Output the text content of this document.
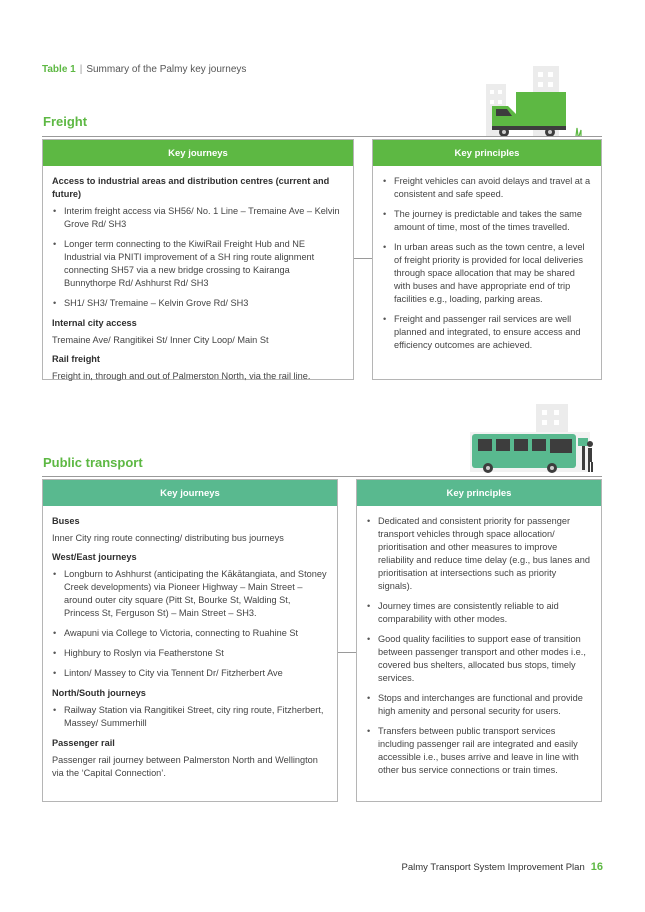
Table 1 | Summary of the Palmy key journeys
Freight
Key journeys
Access to industrial areas and distribution centres (current and future)
• Interim freight access via SH56/ No. 1 Line – Tremaine Ave – Kelvin Grove Rd/ SH3
• Longer term connecting to the KiwiRail Freight Hub and NE Industrial via PNITI improvement of a SH ring route alignment connecting SH57 via a new bridge crossing to Kairanga Bunnythorpe Rd/ Ashhurst Rd/ SH3
• SH1/ SH3/ Tremaine – Kelvin Grove Rd/ SH3
Internal city access

Tremaine Ave/ Rangitikei St/ Inner City Loop/ Main St

Rail freight

Freight in, through and out of Palmerston North, via the rail line.

Key principles
• Freight vehicles can avoid delays and travel at a consistent and safe speed.
• The journey is predictable and takes the same amount of time, most of the times travelled.
• In urban areas such as the town centre, a level of freight priority is provided for local deliveries through space allocation that may be shared with buses and have appropriate end of trip facilities e.g., loading, parking areas.
• Freight and passenger rail services are well planned and integrated, to ensure access and efficiency outcomes are achieved.
Public transport
Key journeys
Buses

Inner City ring route connecting/ distributing bus journeys

West/East journeys
• Longburn to Ashhurst (anticipating the Kākātangiata, and Stoney Creek developments) via Pioneer Highway – Main Street – around outer city square (Pitt St, Bourke St, Walding St, Princess St, Ferguson St) – Main Street – SH3.
• Awapuni via College to Victoria, connecting to Ruahine St
• Highbury to Roslyn via Featherstone St
• Linton/ Massey to City via Tennent Dr/ Fitzherbert Ave
North/South journeys
• Railway Station via Rangitikei Street, city ring route, Fitzherbert, Massey/ Summerhill
Passenger rail

Passenger rail journey between Palmerston North and Wellington via the ‘Capital Connection’.

Key principles
• Dedicated and consistent priority for passenger transport vehicles through space allocation/ prioritisation and other measures to improve reliability and reduce time delay (e.g., bus lanes and prioritisation at intersections such as priority signals).
• Journey times are consistently reliable to aid comparability with other modes.
• Good quality facilities to support ease of transition between passenger transport and other modes i.e., covered bus shelters, allocated bus stops, timely services.
• Stops and interchanges are functional and provide high amenity and personal security for users.
• Transfers between public transport services including passenger rail are integrated and easily accessible i.e., buses arrive and leave in line with other bus service connections or train times.
Palmy Transport System Improvement Plan 16
